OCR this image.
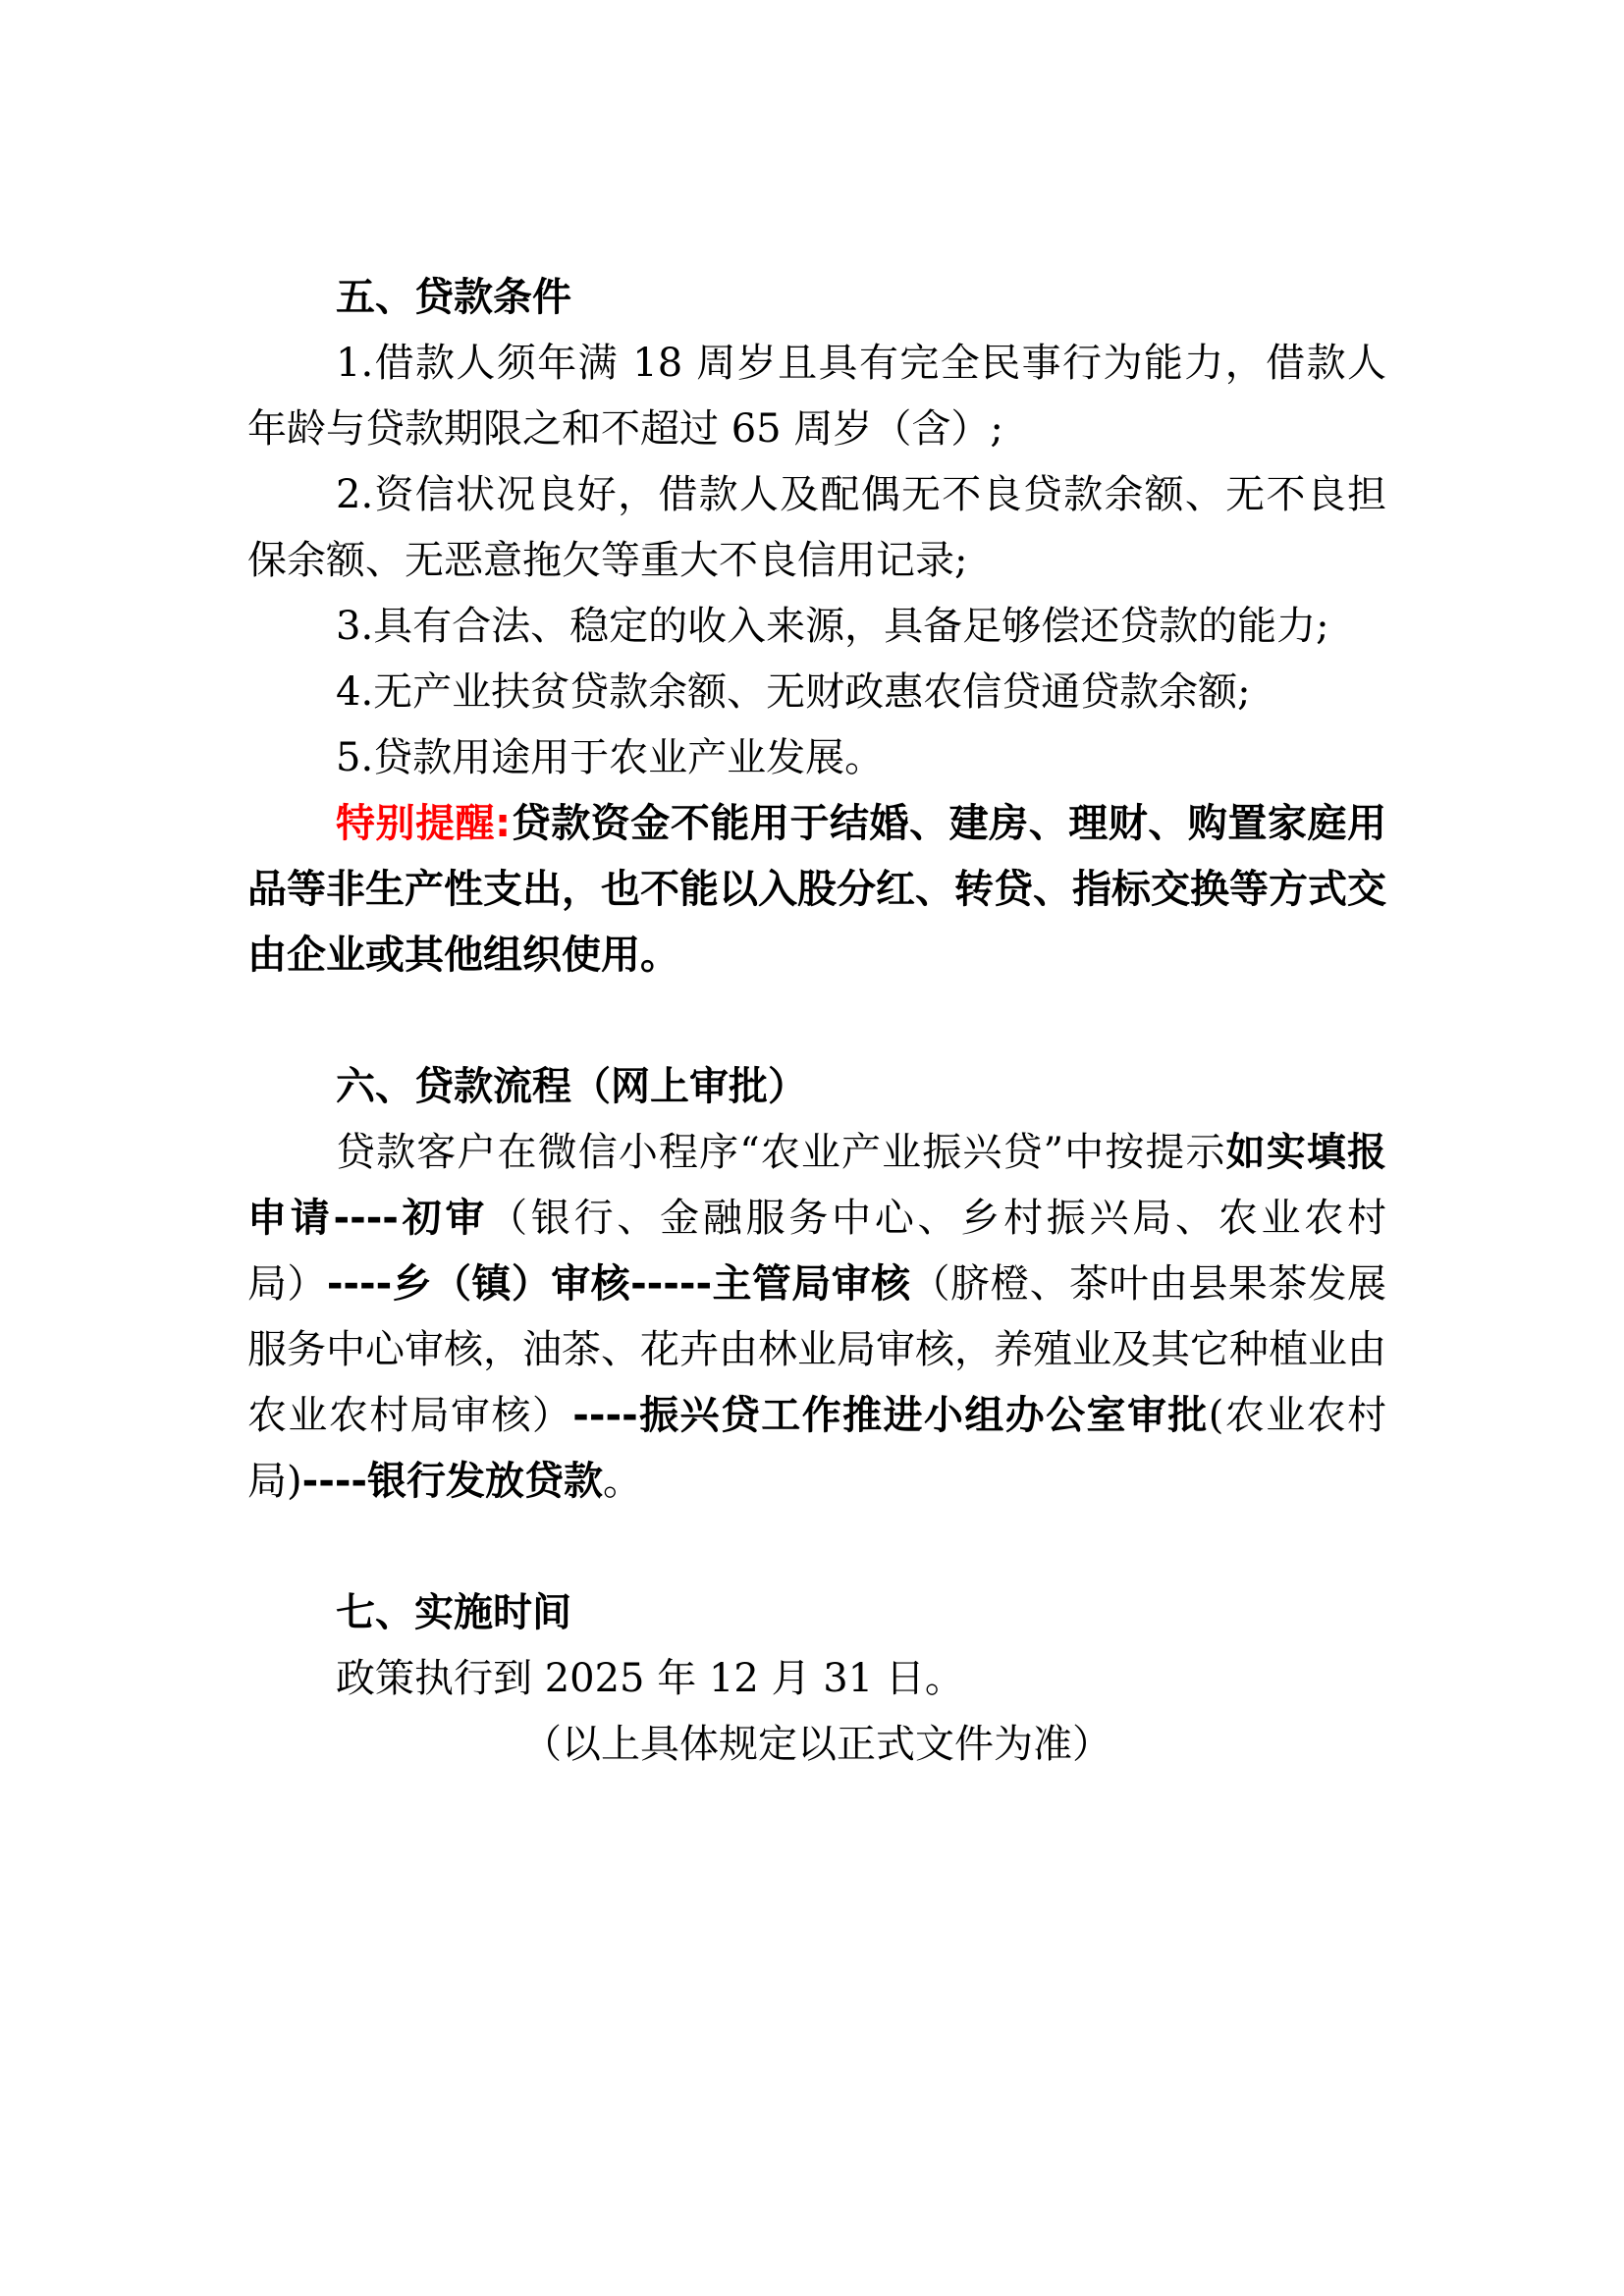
五、贷款条件

1.借款人须年满 18 周岁且具有完全民事行为能力，借款人年龄与贷款期限之和不超过 65 周岁（含）;

2.资信状况良好，借款人及配偶无不良贷款余额、无不良担保余额、无恶意拖欠等重大不良信用记录;

3.具有合法、稳定的收入来源，具备足够偿还贷款的能力;

4.无产业扶贫贷款余额、无财政惠农信贷通贷款余额;

5.贷款用途用于农业产业发展。

特别提醒:贷款资金不能用于结婚、建房、理财、购置家庭用品等非生产性支出，也不能以入股分红、转贷、指标交换等方式交由企业或其他组织使用。

六、贷款流程（网上审批）

贷款客户在微信小程序“农业产业振兴贷”中按提示如实填报申请----初审（银行、金融服务中心、乡村振兴局、农业农村局）----乡（镇）审核-----主管局审核（脐橙、茶叶由县果茶发展服务中心审核，油茶、花卉由林业局审核，养殖业及其它种植业由农业农村局审核）----振兴贷工作推进小组办公室审批(农业农村局)----银行发放贷款。

七、实施时间

政策执行到 2025 年 12 月 31 日。

（以上具体规定以正式文件为准）
